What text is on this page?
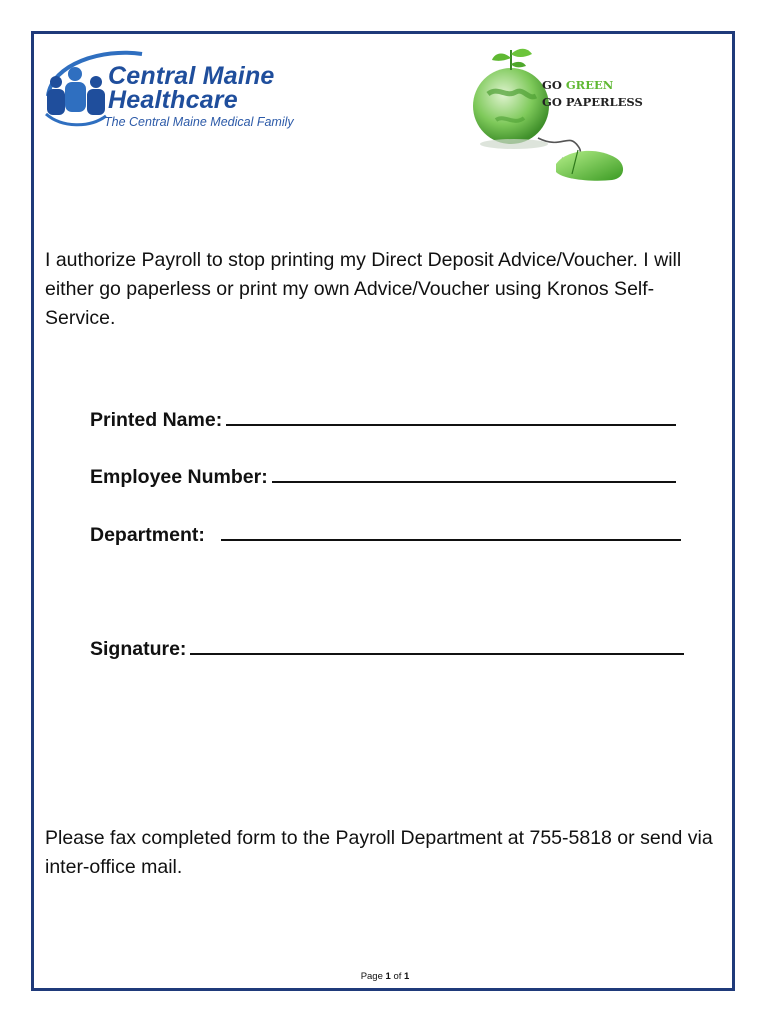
Central Maine
Healthcare
The Central Maine Medical Family
GO GREEN
GO PAPERLESS

I authorize Payroll to stop printing my Direct Deposit Advice/Voucher. I will either go paperless or print my own Advice/Voucher using Kronos Self-Service.

Printed Name:
Employee Number:
Department:
Signature:

Please fax completed form to the Payroll Department at 755-5818 or send via inter-office mail.

Page 1 of 1
